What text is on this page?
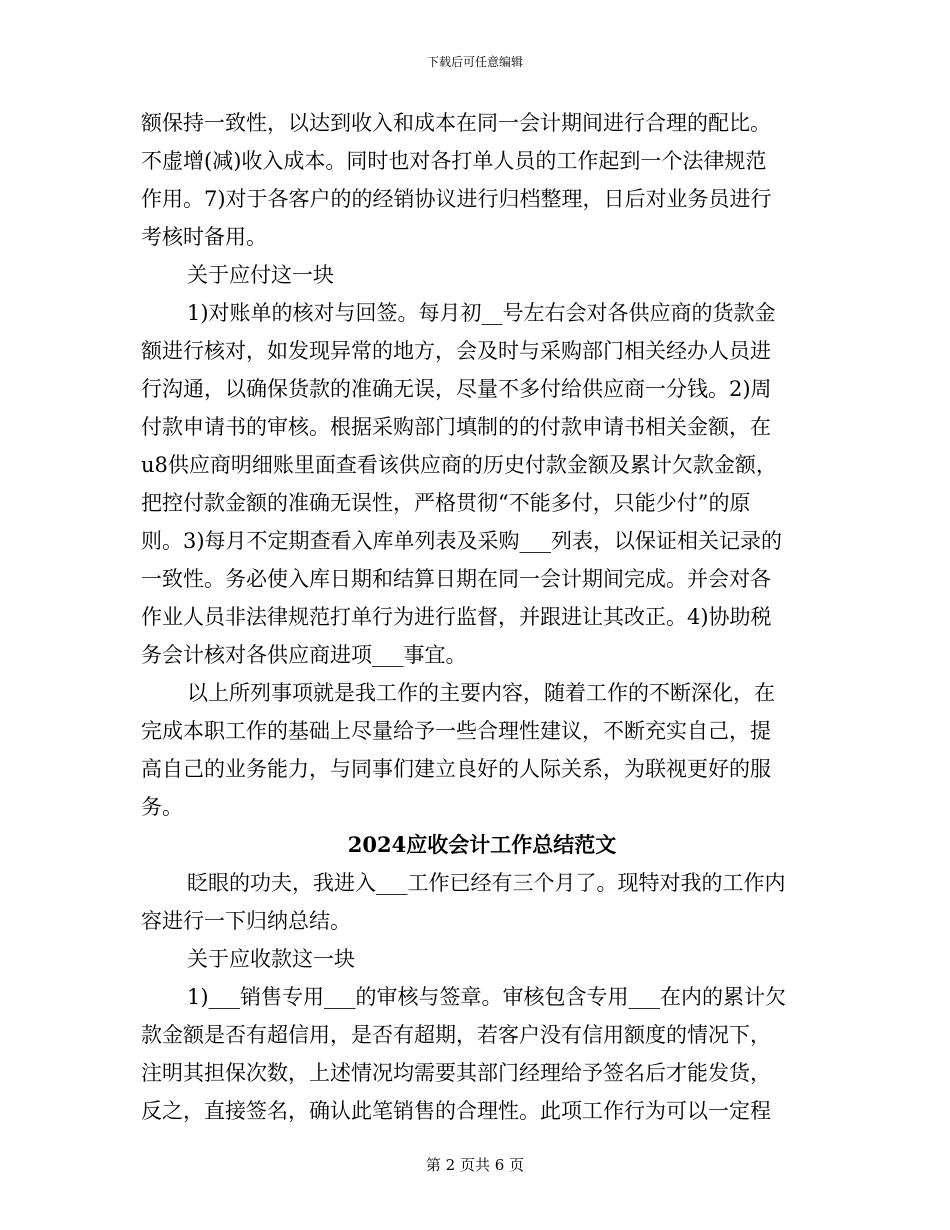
下载后可任意编辑
额保持一致性，以达到收入和成本在同一会计期间进行合理的配比。
不虚增(减)收入成本。同时也对各打单人员的工作起到一个法律规范
作用。7)对于各客户的的经销协议进行归档整理，日后对业务员进行
考核时备用。
关于应付这一块
1)对账单的核对与回签。每月初__号左右会对各供应商的货款金
额进行核对，如发现异常的地方，会及时与采购部门相关经办人员进
行沟通，以确保货款的准确无误，尽量不多付给供应商一分钱。2)周
付款申请书的审核。根据采购部门填制的的付款申请书相关金额，在
u8供应商明细账里面查看该供应商的历史付款金额及累计欠款金额，
把控付款金额的准确无误性，严格贯彻“不能多付，只能少付”的原
则。3)每月不定期查看入库单列表及采购___列表，以保证相关记录的
一致性。务必使入库日期和结算日期在同一会计期间完成。并会对各
作业人员非法律规范打单行为进行监督，并跟进让其改正。4)协助税
务会计核对各供应商进项___事宜。
以上所列事项就是我工作的主要内容，随着工作的不断深化，在
完成本职工作的基础上尽量给予一些合理性建议，不断充实自己，提
高自己的业务能力，与同事们建立良好的人际关系，为联视更好的服
务。
2024应收会计工作总结范文
眨眼的功夫，我进入___工作已经有三个月了。现特对我的工作内
容进行一下归纳总结。
关于应收款这一块
1)___销售专用___的审核与签章。审核包含专用___在内的累计欠
款金额是否有超信用，是否有超期，若客户没有信用额度的情况下，
注明其担保次数，上述情况均需要其部门经理给予签名后才能发货，
反之，直接签名，确认此笔销售的合理性。此项工作行为可以一定程
第 2 页共 6 页
